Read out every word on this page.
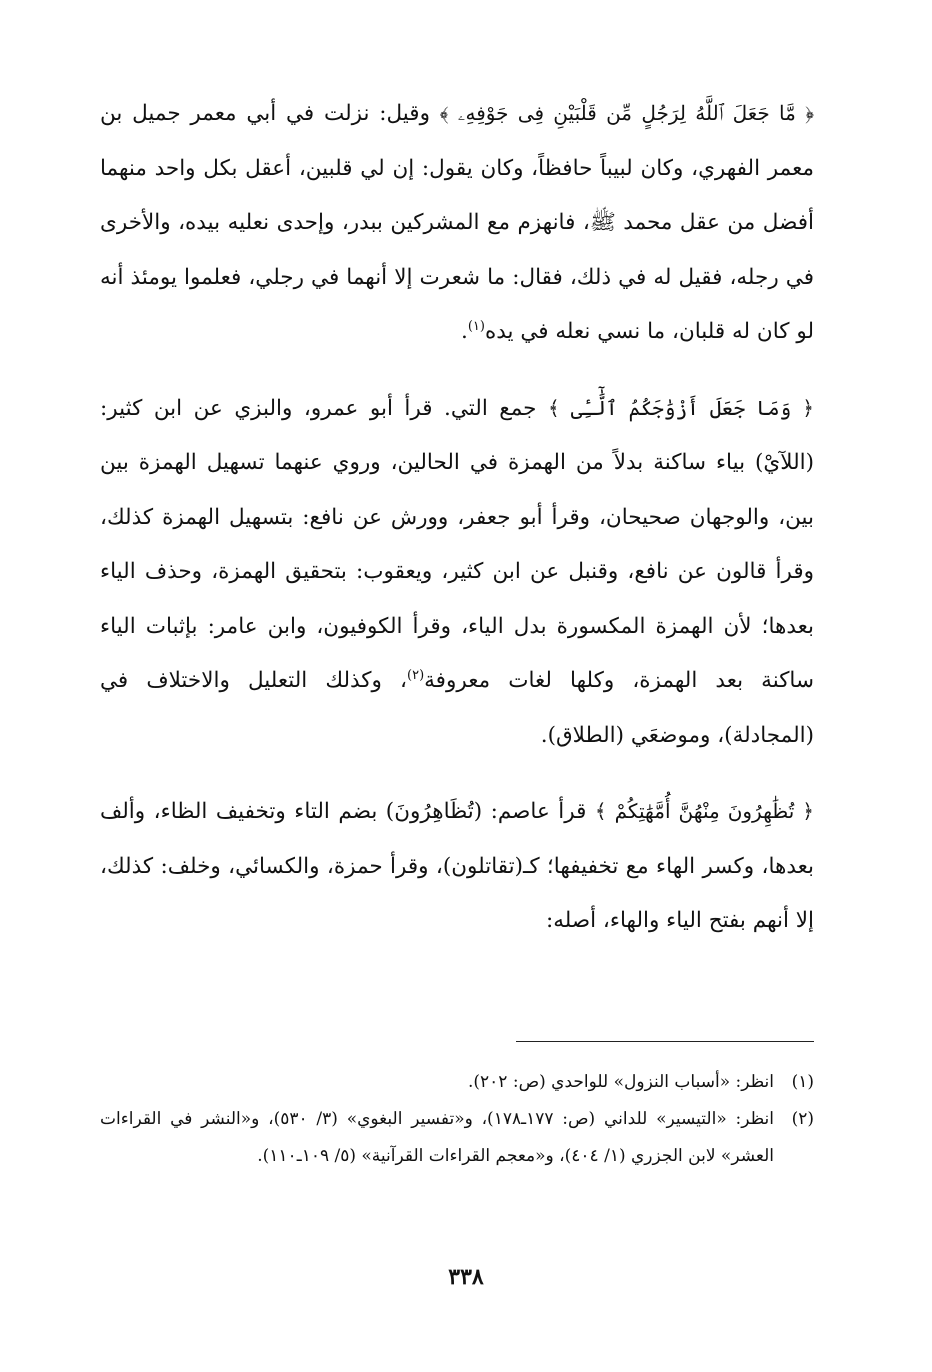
﴿ مَّا جَعَلَ ٱللَّهُ لِرَجُلٍ مِّن قَلْبَيْنِ فِى جَوْفِهِۦ ﴾ وقيل: نزلت في أبي معمر جميل بن معمر الفهري، وكان لبيباً حافظاً، وكان يقول: إن لي قلبين، أعقل بكل واحد منهما أفضل من عقل محمد ﷺ، فانهزم مع المشركين ببدر، وإحدى نعليه بيده، والأخرى في رجله، فقيل له في ذلك، فقال: ما شعرت إلا أنهما في رجلي، فعلموا يومئذ أنه لو كان له قلبان، ما نسي نعله في يده$^{(١)}$.

﴿ وَمَا جَعَلَ أَزْوَٰجَكُمُ ٱلَّٰٓـِٔى ﴾ جمع التي. قرأ أبو عمرو، والبزي عن ابن كثير: (اللآيْ) بياء ساكنة بدلاً من الهمزة في الحالين، وروي عنهما تسهيل الهمزة بين بين، والوجهان صحيحان، وقرأ أبو جعفر، وورش عن نافع: بتسهيل الهمزة كذلك، وقرأ قالون عن نافع، وقنبل عن ابن كثير، ويعقوب: بتحقيق الهمزة، وحذف الياء بعدها؛ لأن الهمزة المكسورة بدل الياء، وقرأ الكوفيون، وابن عامر: بإثبات الياء ساكنة بعد الهمزة، وكلها لغات معروفة$^{(٢)}$، وكذلك التعليل والاختلاف في (المجادلة)، وموضعَي (الطلاق).

﴿ تُظَٰهِرُونَ مِنْهُنَّ أُمَّهَٰتِكُمْ ﴾ قرأ عاصم: (تُظَاهِرُونَ) بضم التاء وتخفيف الظاء، وألف بعدها، وكسر الهاء مع تخفيفها؛ كـ(تقاتلون)، وقرأ حمزة، والكسائي، وخلف: كذلك، إلا أنهم بفتح الياء والهاء، أصله:

(١)
انظر: «أسباب النزول» للواحدي (ص: ٢٠٢).
(٢)
انظر: «التيسير» للداني (ص: ١٧٧ـ١٧٨)، و«تفسير البغوي» (٣/ ٥٣٠)، و«النشر في القراءات العشر» لابن الجزري (١/ ٤٠٤)، و«معجم القراءات القرآنية» (٥/ ١٠٩ـ١١٠).
٣٣٨
